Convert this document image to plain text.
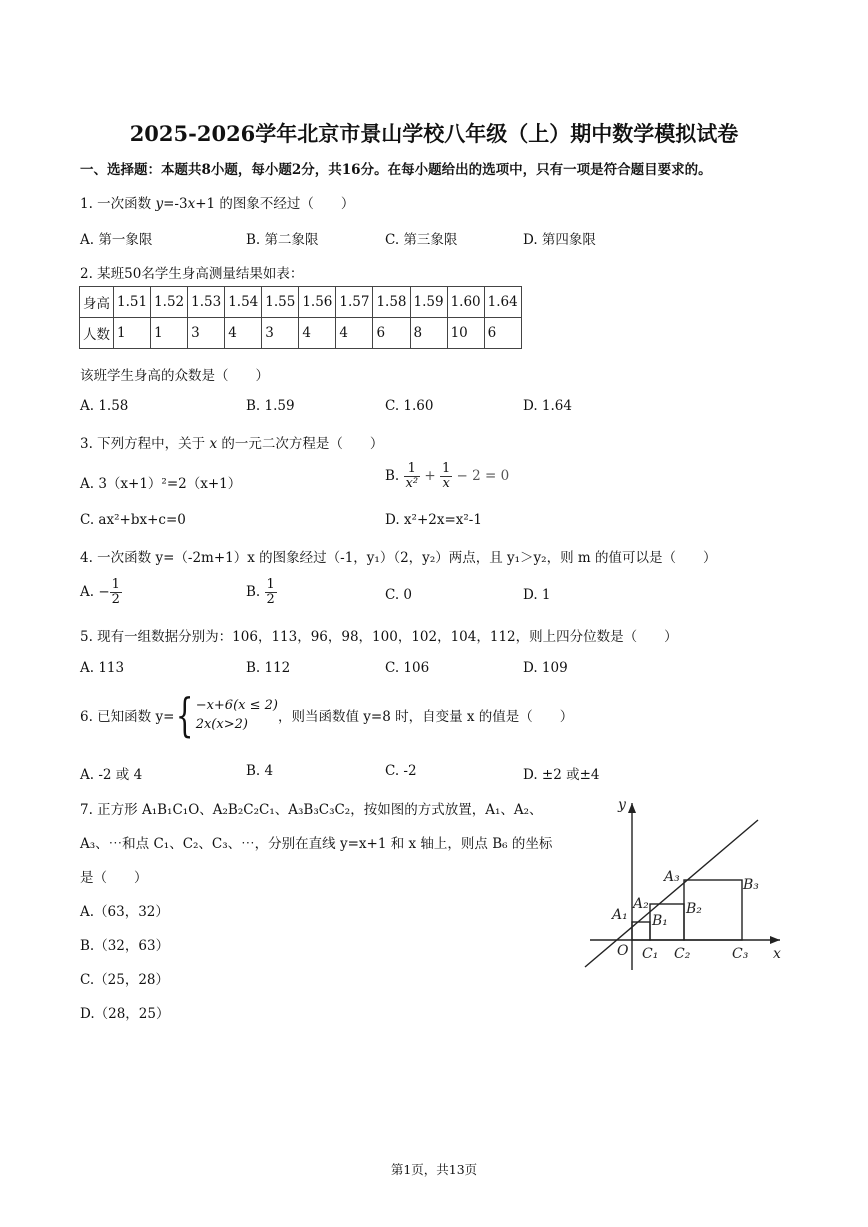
2025-2026学年北京市景山学校八年级（上）期中数学模拟试卷
一、选择题：本题共8小题，每小题2分，共16分。在每小题给出的选项中，只有一项是符合题目要求的。
1. 一次函数 y=-3x+1 的图象不经过（　　）
A. 第一象限	B. 第二象限	C. 第三象限	D. 第四象限
2. 某班50名学生身高测量结果如表：
身高	1.51	1.52	1.53	1.54	1.55	1.56	1.57	1.58	1.59	1.60	1.64
人数	1	1	3	4	3	4	4	6	8	10	6
该班学生身高的众数是（　　）
A. 1.58	B. 1.59	C. 1.60	D. 1.64
3. 下列方程中，关于 x 的一元二次方程是（　　）
A. 3（x+1）²=2（x+1）	B. $\frac{1}{\text{x²}} + \frac{1}{x} - 2 = 0$
C. ax²+bx+c=0	D. x²+2x=x²-1
4. 一次函数 y=（-2m+1）x 的图象经过（-1，y₁）（2，y₂）两点，且 y₁＞y₂，则 m 的值可以是（　　）
A. − $\frac{1}{2}$	B. $\frac{1}{2}$	C. 0	D. 1
5. 现有一组数据分别为：106，113，96，98，100，102，104，112，则上四分位数是（　　）
A. 113	B. 112	C. 106	D. 109
6. 已知函数 y={ −x+6(x ≤ 2)
2x(x>2)	，则当函数值 y=8 时，自变量 x 的值是（　　）
A. -2 或 4	B. 4	C. -2	D. ±2 或±4
7. 正方形 A₁B₁C₁O、A₂B₂C₂C₁、A₃B₃C₃C₂，按如图的方式放置，A₁、A₂、
A₃、⋯和点 C₁、C₂、C₃、⋯，分别在直线 y=x+1 和 x 轴上，则点 B₆ 的坐标
是（　　）
A.（63，32）
B.（32，63）
C.（25，28）
D.（28，25）
y
x
O
A₁
A₂
A₃
B₁
B₂
B₃
C₁ C₂	C₃
第1页，共13页
